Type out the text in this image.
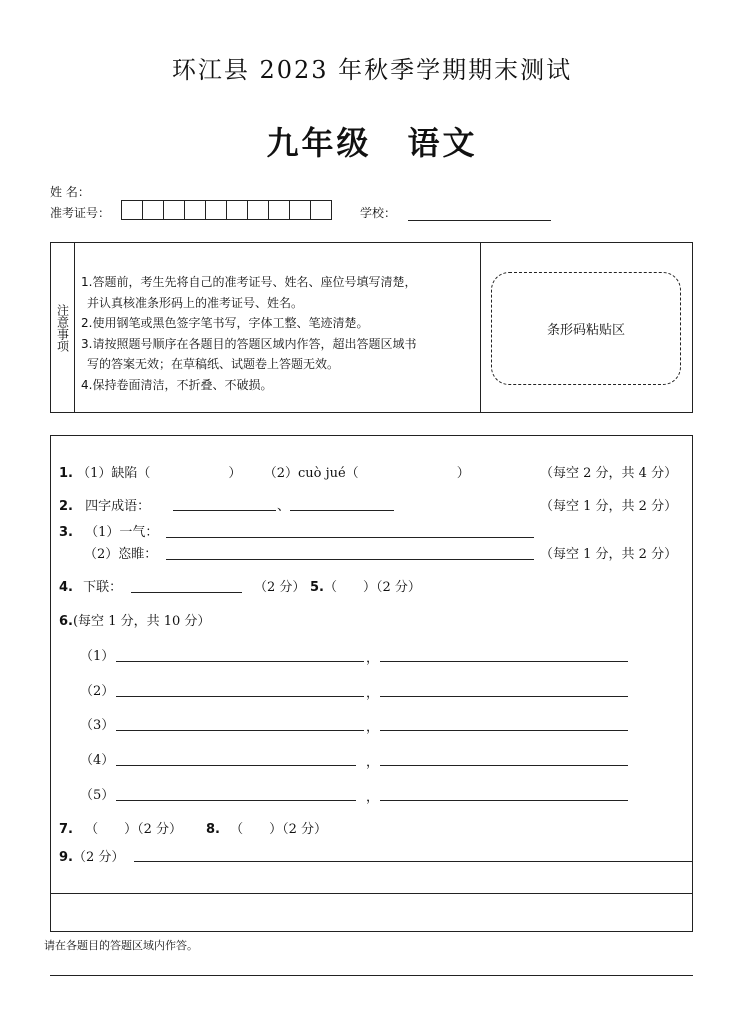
环江县 2023 年秋季学期期末测试
九年级 语文
姓 名：
准考证号：	学校：
注意事项
1.答题前，考生先将自己的准考证号、姓名、座位号填写清楚，
并认真核准条形码上的准考证号、姓名。
2.使用钢笔或黑色签字笔书写，字体工整、笔迹清楚。
3.请按照题号顺序在各题目的答题区域内作答，超出答题区域书
写的答案无效；在草稿纸、试题卷上答题无效。
4.保持卷面清洁，不折叠、不破损。
条形码粘贴区
1. （1）缺陷（	） （2）cuò jué（	）	（每空 2 分，共 4 分）
2. 四字成语：	、	（每空 1 分，共 2 分）
3. （1）一气：
（2）恣睢：	（每空 1 分，共 2 分）
4. 下联：	（2 分） 5.（　　）（2 分）
6.(每空 1 分，共 10 分）
（1）	，
（2）	，
（3）	，
（4）	，
（5）	，
7. （　　）（2 分） 8. （　　）（2 分）
9.（2 分）
请在各题目的答题区域内作答。
